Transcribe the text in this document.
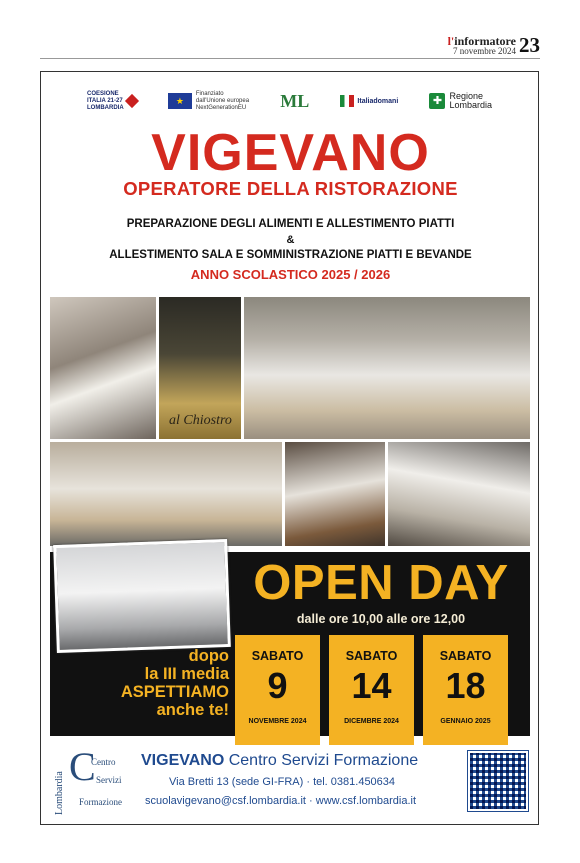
l'informatore
7 novembre 2024 23
COESIONE
ITALIA 21-27
LOMBARDIA
★
Finanziato
dall'Unione europea
NextGenerationEU ML	Italiadomani	✚ Regione
Lombardia
VIGEVANO
OPERATORE DELLA RISTORAZIONE
PREPARAZIONE DEGLI ALIMENTI E ALLESTIMENTO PIATTI
&
ALLESTIMENTO SALA E SOMMINISTRAZIONE PIATTI E BEVANDE
ANNO SCOLASTICO 2025 / 2026
al Chiostro
OPEN DAY
dalle ore 10,00 alle ore 12,00
dopo
la III media
ASPETTIAMO
anche te!
SABATO
9
NOVEMBRE 2024
SABATO
14
DICEMBRE 2024
SABATO
18
GENNAIO 2025
Lombardia
C
Centro
Servizi
Formazione
VIGEVANO Centro Servizi Formazione
Via Bretti 13 (sede GI-FRA) · tel. 0381.450634
scuolavigevano@csf.lombardia.it · www.csf.lombardia.it
